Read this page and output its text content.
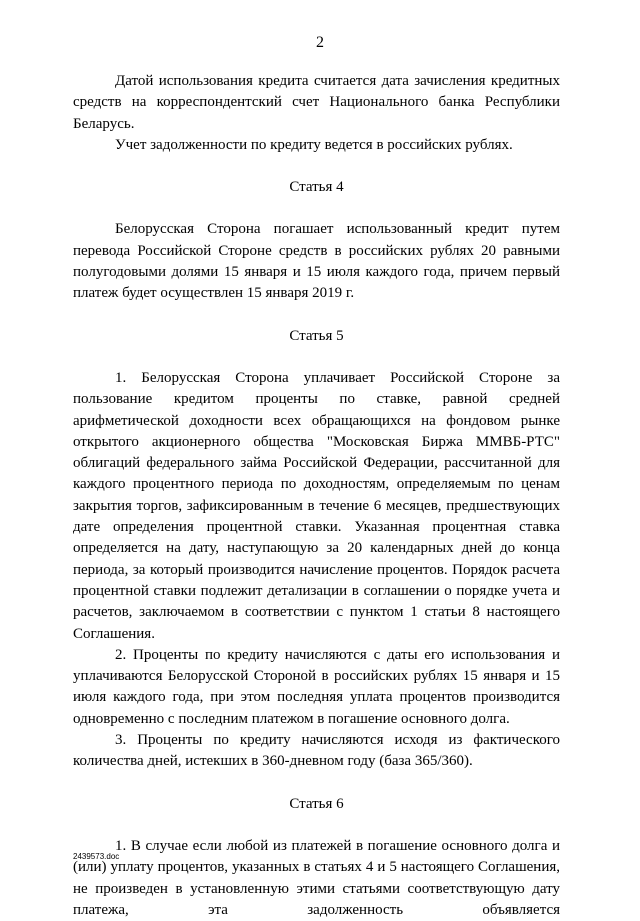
2

Датой использования кредита считается дата зачисления кредитных средств на корреспондентский счет Национального банка Республики Беларусь.

Учет задолженности по кредиту ведется в российских рублях.

Статья 4

Белорусская Сторона погашает использованный кредит путем перевода Российской Стороне средств в российских рублях 20 равными полугодовыми долями 15 января и 15 июля каждого года, причем первый платеж будет осуществлен 15 января 2019 г.

Статья 5

1. Белорусская Сторона уплачивает Российской Стороне за пользование кредитом проценты по ставке, равной средней арифметической доходности всех обращающихся на фондовом рынке открытого акционерного общества "Московская Биржа ММВБ-РТС" облигаций федерального займа Российской Федерации, рассчитанной для каждого процентного периода по доходностям, определяемым по ценам закрытия торгов, зафиксированным в течение 6 месяцев, предшествующих дате определения процентной ставки. Указанная процентная ставка определяется на дату, наступающую за 20 календарных дней до конца периода, за который производится начисление процентов. Порядок расчета процентной ставки подлежит детализации в соглашении о порядке учета и расчетов, заключаемом в соответствии с пунктом 1 статьи 8 настоящего Соглашения.

2. Проценты по кредиту начисляются с даты его использования и уплачиваются Белорусской Стороной в российских рублях 15 января и 15 июля каждого года, при этом последняя уплата процентов производится одновременно с последним платежом в погашение основного долга.

3. Проценты по кредиту начисляются исходя из фактического количества дней, истекших в 360-дневном году (база 365/360).

Статья 6

1. В случае если любой из платежей в погашение основного долга и (или) уплату процентов, указанных в статьях 4 и 5 настоящего Соглашения, не произведен в установленную этими статьями соответствующую дату платежа, эта задолженность объявляется

2439573.doc
